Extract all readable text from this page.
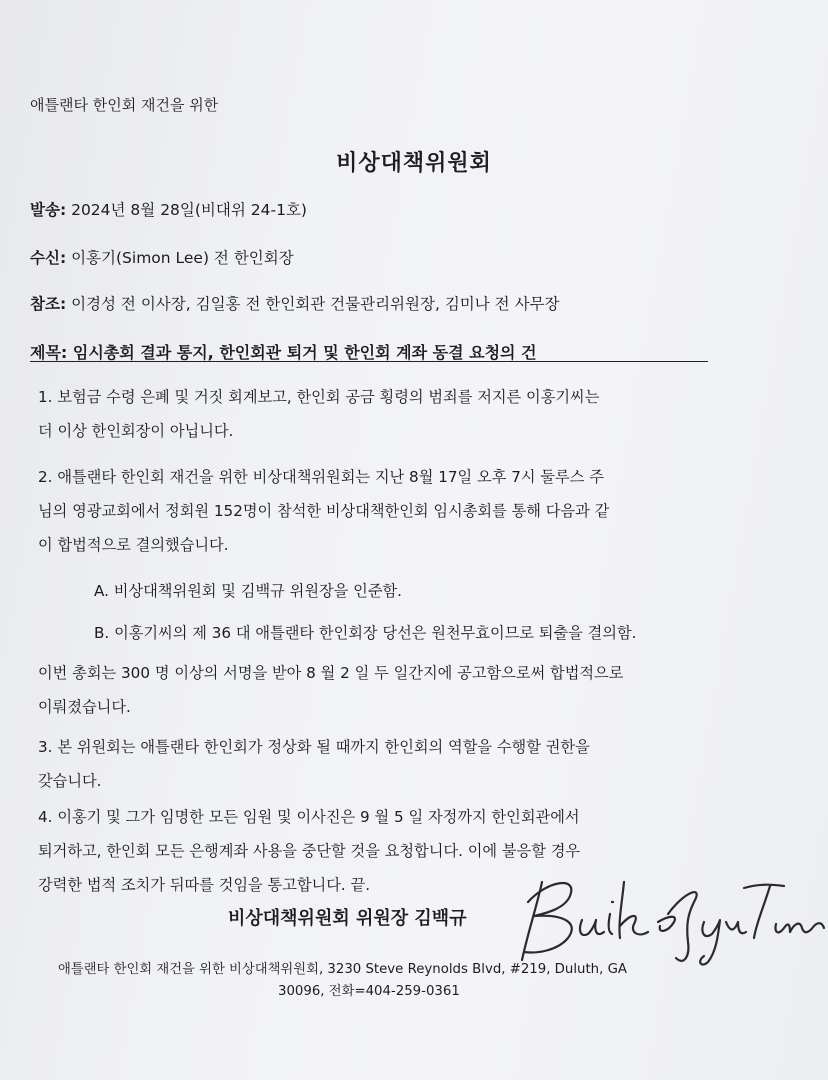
애틀랜타 한인회 재건을 위한
비상대책위원회
발송: 2024년 8월 28일(비대위 24-1호)
수신: 이홍기(Simon Lee) 전 한인회장
참조: 이경성 전 이사장, 김일홍 전 한인회관 건물관리위원장, 김미나 전 사무장
제목: 임시총회 결과 통지, 한인회관 퇴거 및 한인회 계좌 동결 요청의 건
1. 보험금 수령 은폐 및 거짓 회계보고, 한인회 공금 횡령의 범죄를 저지른 이홍기씨는
더 이상 한인회장이 아닙니다.
2. 애틀랜타 한인회 재건을 위한 비상대책위원회는 지난 8월 17일 오후 7시 둘루스 주
님의 영광교회에서 정회원 152명이 참석한 비상대책한인회 임시총회를 통해 다음과 같
이 합법적으로 결의했습니다.
A. 비상대책위원회 및 김백규 위원장을 인준함.
B. 이홍기씨의 제 36 대 애틀랜타 한인회장 당선은 원천무효이므로 퇴출을 결의함.
이번 총회는 300 명 이상의 서명을 받아 8 월 2 일 두 일간지에 공고함으로써 합법적으로
이뤄졌습니다.
3. 본 위원회는 애틀랜타 한인회가 정상화 될 때까지 한인회의 역할을 수행할 권한을
갖습니다.
4. 이홍기 및 그가 임명한 모든 임원 및 이사진은 9 월 5 일 자정까지 한인회관에서
퇴거하고, 한인회 모든 은행계좌 사용을 중단할 것을 요청합니다. 이에 불응할 경우
강력한 법적 조치가 뒤따를 것임을 통고합니다. 끝.
비상대책위원회 위원장 김백규
애틀랜타 한인회 재건을 위한 비상대책위원회, 3230 Steve Reynolds Blvd, #219, Duluth, GA
30096, 전화=404-259-0361
